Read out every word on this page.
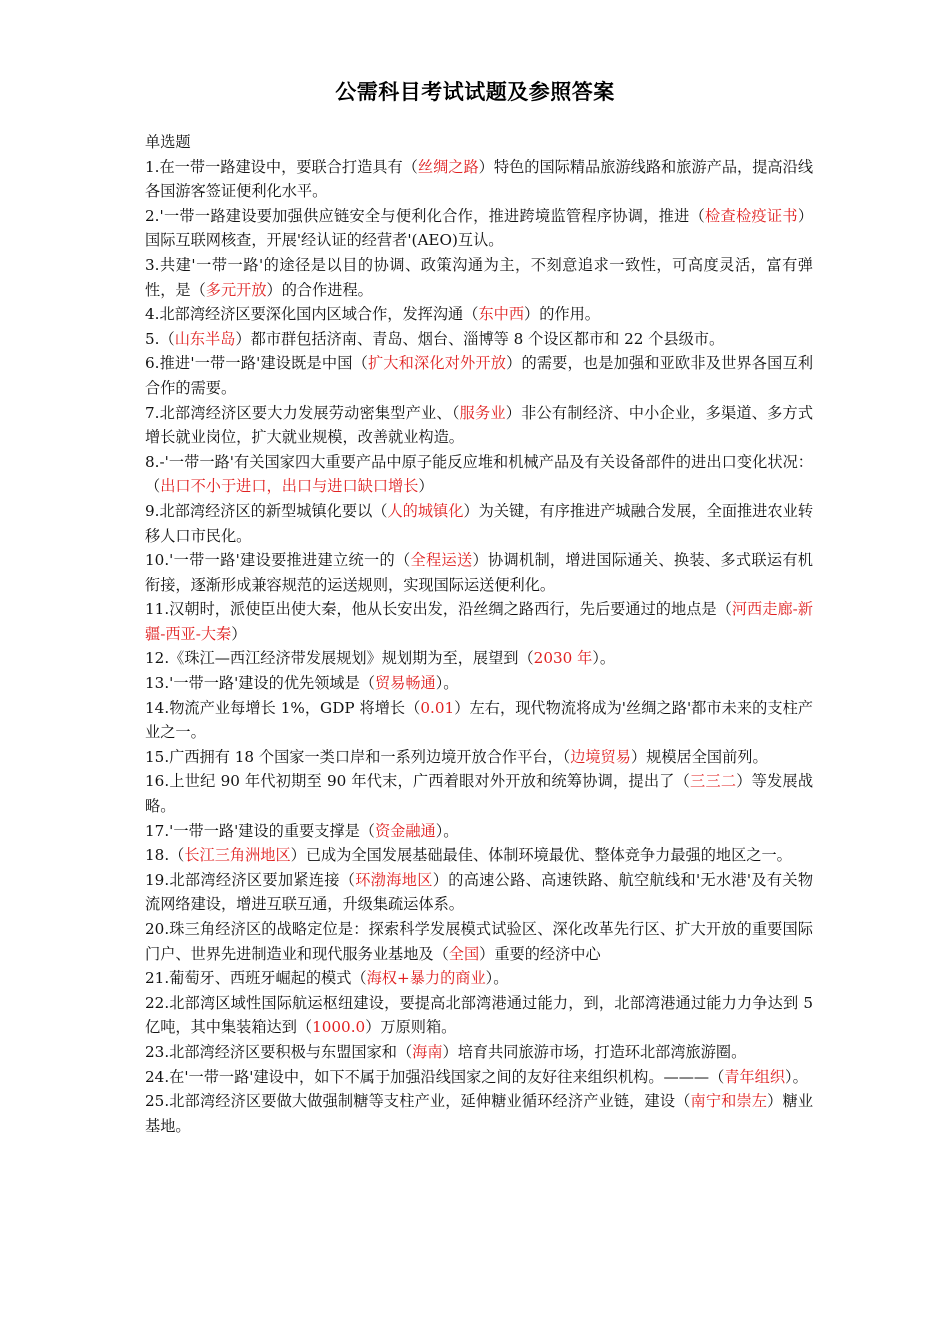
公需科目考试试题及参照答案

单选题

1.在一带一路建设中，要联合打造具有（丝绸之路）特色的国际精品旅游线路和旅游产品，提高沿线各国游客签证便利化水平。

2.'一带一路建设要加强供应链安全与便利化合作，推进跨境监管程序协调，推进（检查检疫证书）国际互联网核查，开展'经认证的经营者'(AEO)互认。

3.共建'一带一路'的途径是以目的协调、政策沟通为主，不刻意追求一致性，可高度灵活，富有弹性，是（多元开放）的合作进程。

4.北部湾经济区要深化国内区域合作，发挥沟通（东中西）的作用。

5.（山东半岛）都市群包括济南、青岛、烟台、淄博等 8 个设区都市和 22 个县级市。

6.推进'一带一路'建设既是中国（扩大和深化对外开放）的需要，也是加强和亚欧非及世界各国互利合作的需要。

7.北部湾经济区要大力发展劳动密集型产业、（服务业）非公有制经济、中小企业，多渠道、多方式增长就业岗位，扩大就业规模，改善就业构造。

8.-'一带一路'有关国家四大重要产品中原子能反应堆和机械产品及有关设备部件的进出口变化状况：（出口不小于进口，出口与进口缺口增长）

9.北部湾经济区的新型城镇化要以（人的城镇化）为关键，有序推进产城融合发展，全面推进农业转移人口市民化。

10.'一带一路'建设要推进建立统一的（全程运送）协调机制，增进国际通关、换装、多式联运有机衔接，逐渐形成兼容规范的运送规则，实现国际运送便利化。

11.汉朝时，派使臣出使大秦，他从长安出发，沿丝绸之路西行，先后要通过的地点是（河西走廊-新疆-西亚-大秦）

12.《珠江—西江经济带发展规划》规划期为至，展望到（2030 年）。

13.'一带一路'建设的优先领域是（贸易畅通）。

14.物流产业每增长 1%，GDP 将增长（0.01）左右，现代物流将成为'丝绸之路'都市未来的支柱产业之一。

15.广西拥有 18 个国家一类口岸和一系列边境开放合作平台，（边境贸易）规模居全国前列。

16.上世纪 90 年代初期至 90 年代末，广西着眼对外开放和统筹协调，提出了（三三二）等发展战略。

17.'一带一路'建设的重要支撑是（资金融通）。

18.（长江三角洲地区）已成为全国发展基础最佳、体制环境最优、整体竞争力最强的地区之一。

19.北部湾经济区要加紧连接（环渤海地区）的高速公路、高速铁路、航空航线和'无水港'及有关物流网络建设，增进互联互通，升级集疏运体系。

20.珠三角经济区的战略定位是：探索科学发展模式试验区、深化改革先行区、扩大开放的重要国际门户、世界先进制造业和现代服务业基地及（全国）重要的经济中心

21.葡萄牙、西班牙崛起的模式（海权+暴力的商业）。

22.北部湾区域性国际航运枢纽建设，要提高北部湾港通过能力，到，北部湾港通过能力力争达到 5 亿吨，其中集装箱达到（1000.0）万原则箱。

23.北部湾经济区要积极与东盟国家和（海南）培育共同旅游市场，打造环北部湾旅游圈。

24.在'一带一路'建设中，如下不属于加强沿线国家之间的友好往来组织机构。———（青年组织）。

25.北部湾经济区要做大做强制糖等支柱产业，延伸糖业循环经济产业链，建设（南宁和崇左）糖业基地。
